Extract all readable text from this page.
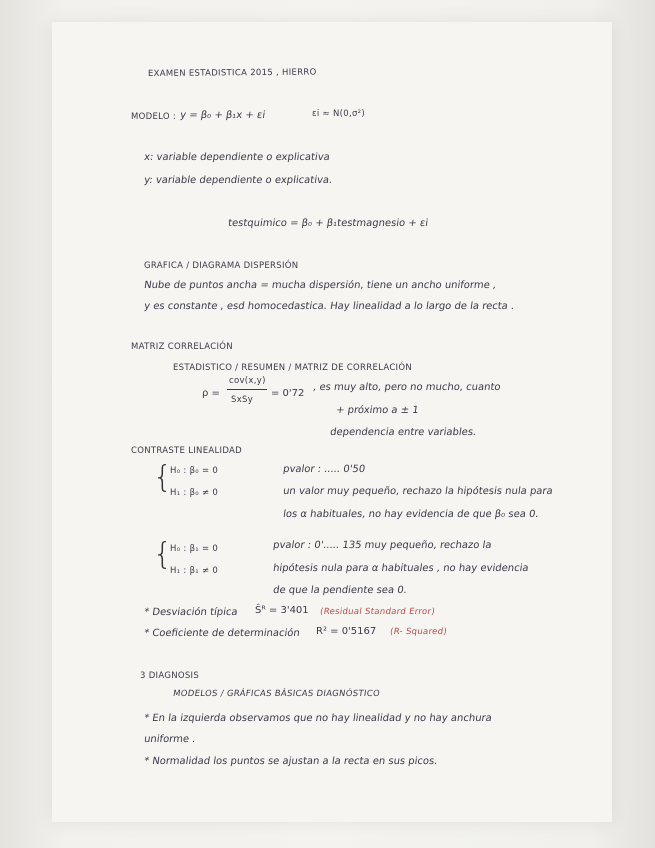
EXAMEN ESTADISTICA 2015 , HIERRO
MODELO : y = β₀ + β₁x + εi	εi ≈ N(0,σ²)
x: variable dependiente o explicativa
y: variable dependiente o explicativa.
testquimico = β₀ + β₁testmagnesio + εi
GRAFICA / DIAGRAMA DISPERSIÓN
Nube de puntos ancha = mucha dispersión, tiene un ancho uniforme ,
y es constante , esd homocedastica. Hay linealidad a lo largo de la recta .
MATRIZ CORRELACIÓN
ESTADISTICO / RESUMEN / MATRIZ DE CORRELACIÓN
ρ =
cov(x,y)
SxSy
= 0'72
, es muy alto, pero no mucho, cuanto
+ próximo a ± 1
dependencia entre variables.
CONTRASTE LINEALIDAD
{
H₀ : β₀ = 0
H₁ : β₀ ≠ 0
pvalor : ..... 0'50
un valor muy pequeño, rechazo la hipótesis nula para
los α habituales, no hay evidencia de que β₀ sea 0.
{
H₀ : β₁ = 0
H₁ : β₁ ≠ 0
pvalor : 0'..... 135 muy pequeño, rechazo la
hipótesis nula para α habituales , no hay evidencia
de que la pendiente sea 0.
* Desviación típica Ŝᴿ = 3'401 (Residual Standard Error)
* Coeficiente de determinación R² = 0'5167 (R- Squared)
3 DIAGNOSIS
MODELOS / GRÁFICAS BÁSICAS DIAGNÓSTICO
* En la izquierda observamos que no hay linealidad y no hay anchura
uniforme .
* Normalidad los puntos se ajustan a la recta en sus picos.
